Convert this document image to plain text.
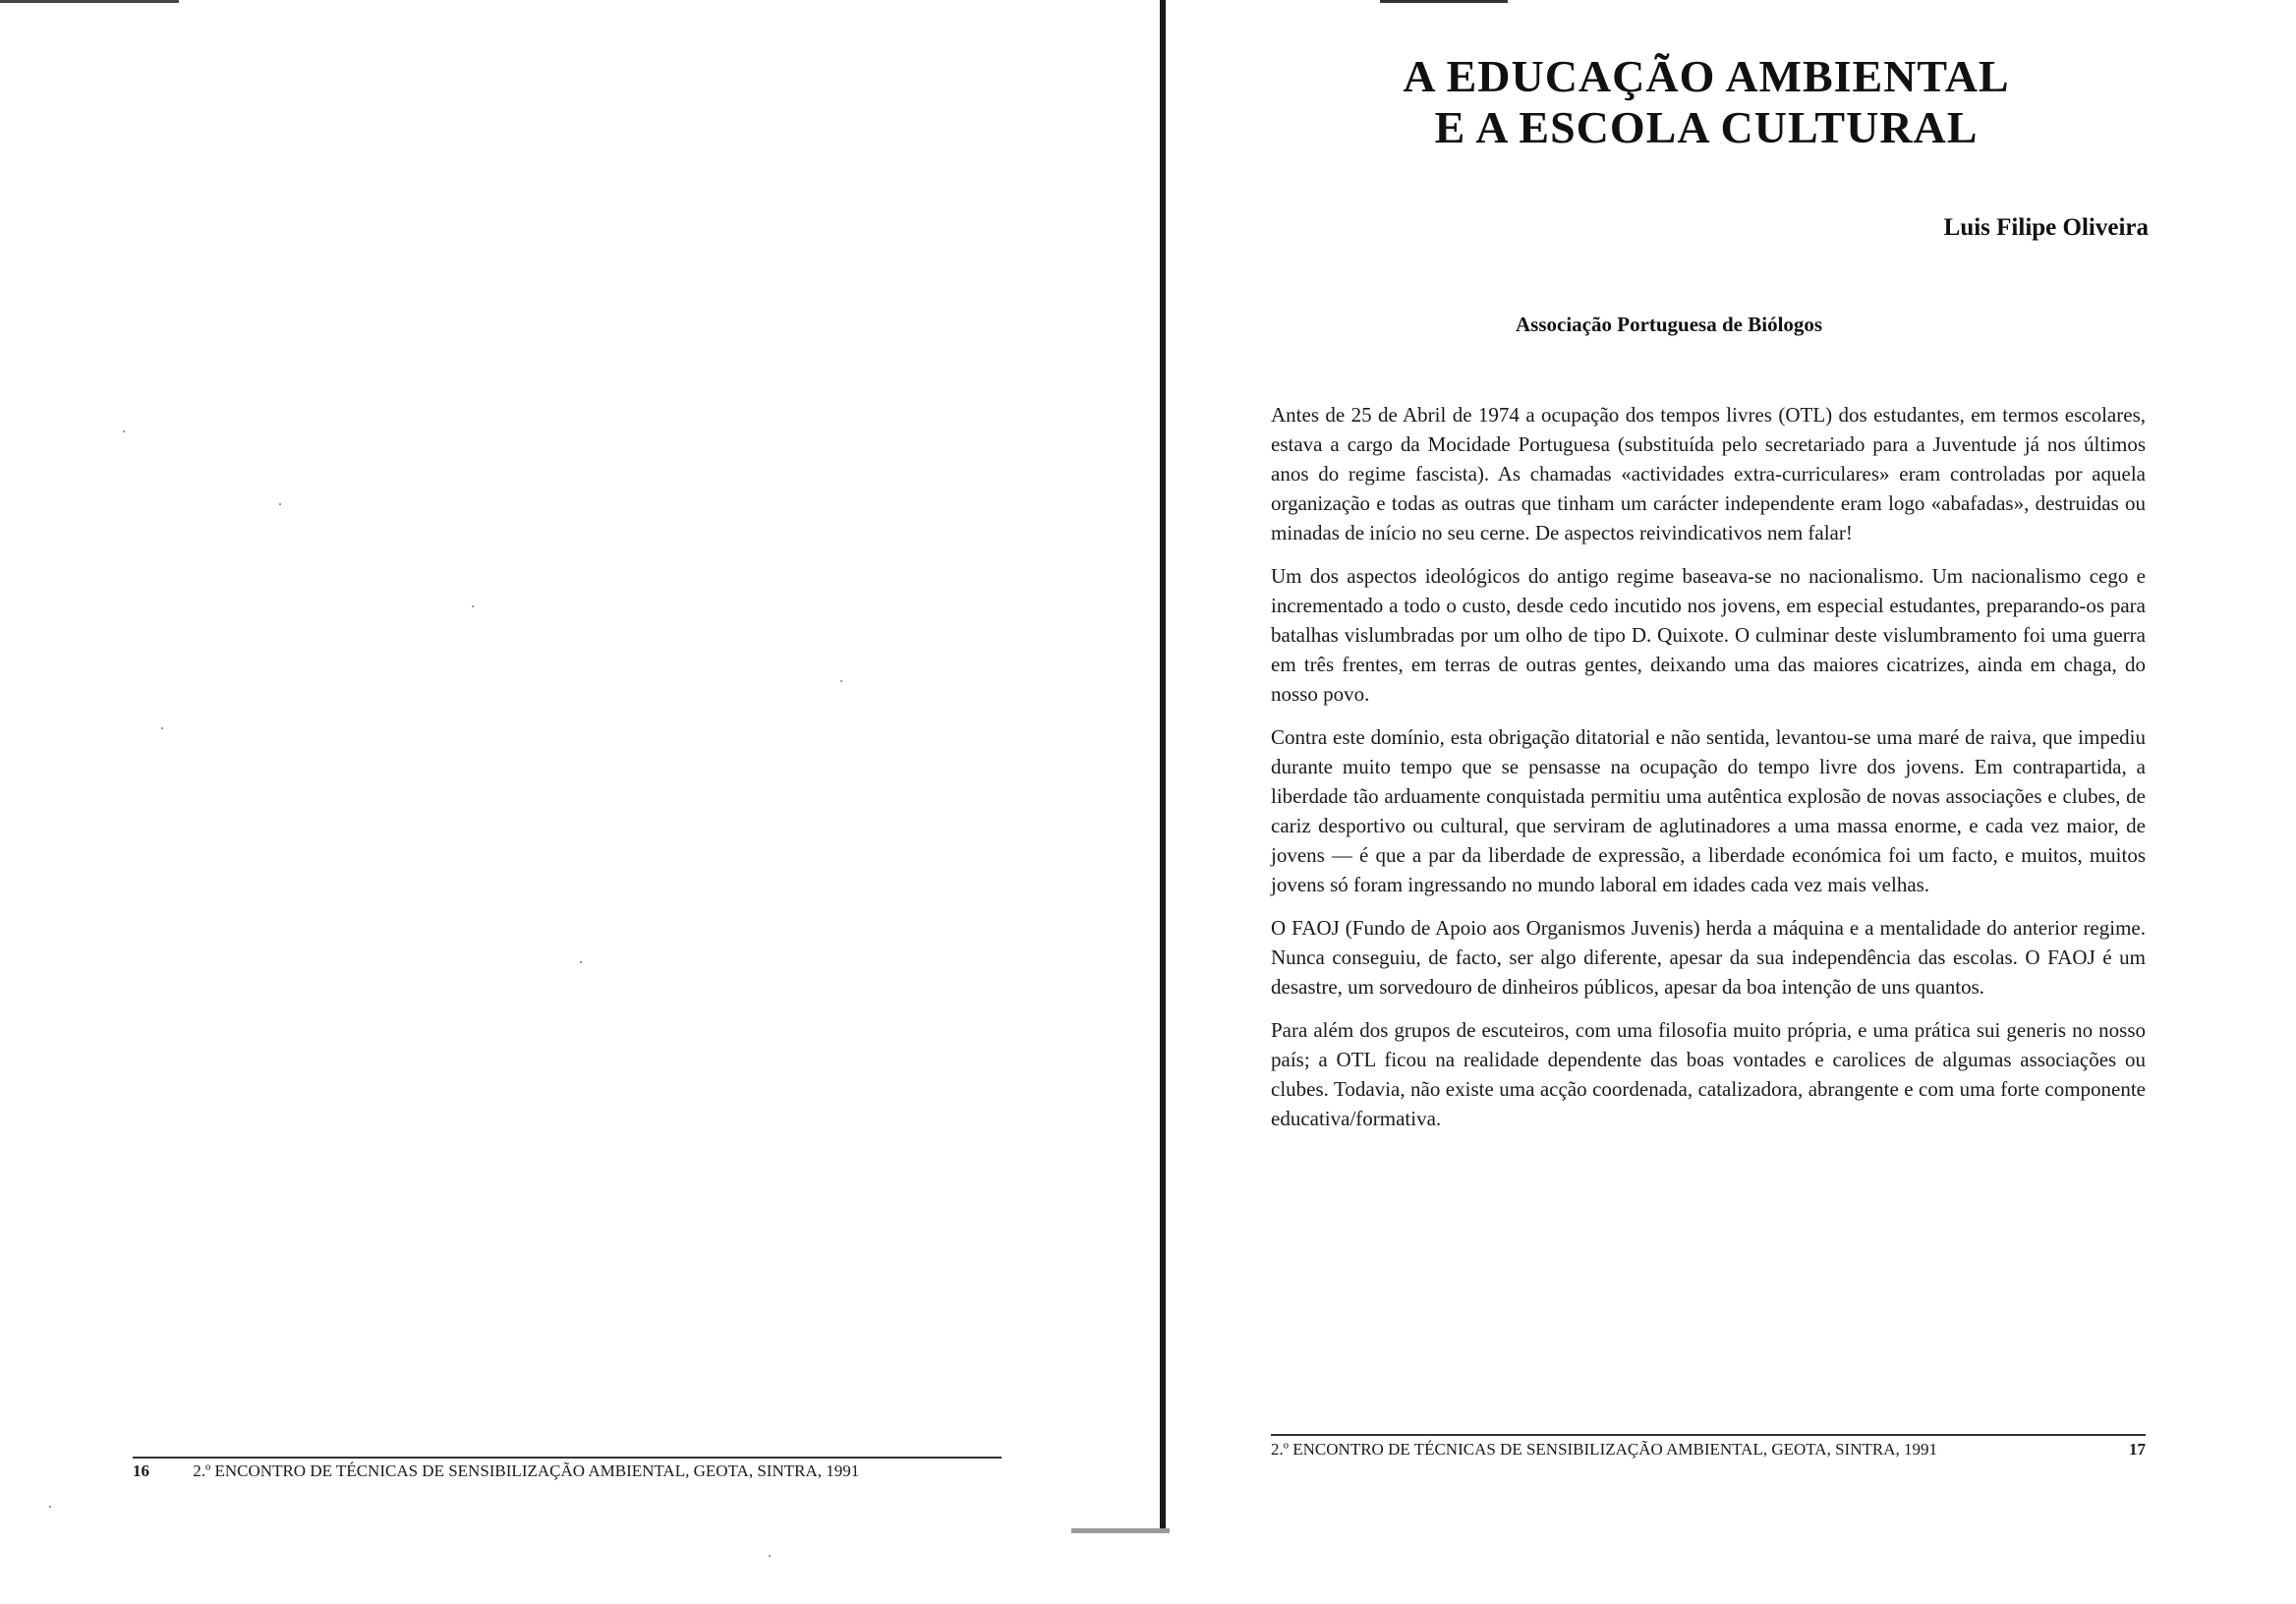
16	2.º ENCONTRO DE TÉCNICAS DE SENSIBILIZAÇÃO AMBIENTAL, GEOTA, SINTRA, 1991
A EDUCAÇÃO AMBIENTAL
E A ESCOLA CULTURAL

Luis Filipe Oliveira

Associação Portuguesa de Biólogos

Antes de 25 de Abril de 1974 a ocupação dos tempos livres (OTL) dos estudantes, em termos escolares, estava a cargo da Mocidade Portuguesa (substituída pelo secretariado para a Juventude já nos últimos anos do regime fascista). As chamadas «actividades extra-curriculares» eram controladas por aquela organização e todas as outras que tinham um carácter independente eram logo «abafadas», destruidas ou minadas de início no seu cerne. De aspectos reivindicativos nem falar!

Um dos aspectos ideológicos do antigo regime baseava-se no nacionalismo. Um nacionalismo cego e incrementado a todo o custo, desde cedo incutido nos jovens, em especial estudantes, preparando-os para batalhas vislumbradas por um olho de tipo D. Quixote. O culminar deste vislumbramento foi uma guerra em três frentes, em terras de outras gentes, deixando uma das maiores cicatrizes, ainda em chaga, do nosso povo.

Contra este domínio, esta obrigação ditatorial e não sentida, levantou-se uma maré de raiva, que impediu durante muito tempo que se pensasse na ocupação do tempo livre dos jovens. Em contrapartida, a liberdade tão arduamente conquistada permitiu uma autêntica explosão de novas associações e clubes, de cariz desportivo ou cultural, que serviram de aglutinadores a uma massa enorme, e cada vez maior, de jovens — é que a par da liberdade de expressão, a liberdade económica foi um facto, e muitos, muitos jovens só foram ingressando no mundo laboral em idades cada vez mais velhas.

O FAOJ (Fundo de Apoio aos Organismos Juvenis) herda a máquina e a mentalidade do anterior regime. Nunca conseguiu, de facto, ser algo diferente, apesar da sua independência das escolas. O FAOJ é um desastre, um sorvedouro de dinheiros públicos, apesar da boa intenção de uns quantos.

Para além dos grupos de escuteiros, com uma filosofia muito própria, e uma prática sui generis no nosso país; a OTL ficou na realidade dependente das boas vontades e carolices de algumas associações ou clubes. Todavia, não existe uma acção coordenada, catalizadora, abrangente e com uma forte componente educativa/formativa.

2.º ENCONTRO DE TÉCNICAS DE SENSIBILIZAÇÃO AMBIENTAL, GEOTA, SINTRA, 1991	17
